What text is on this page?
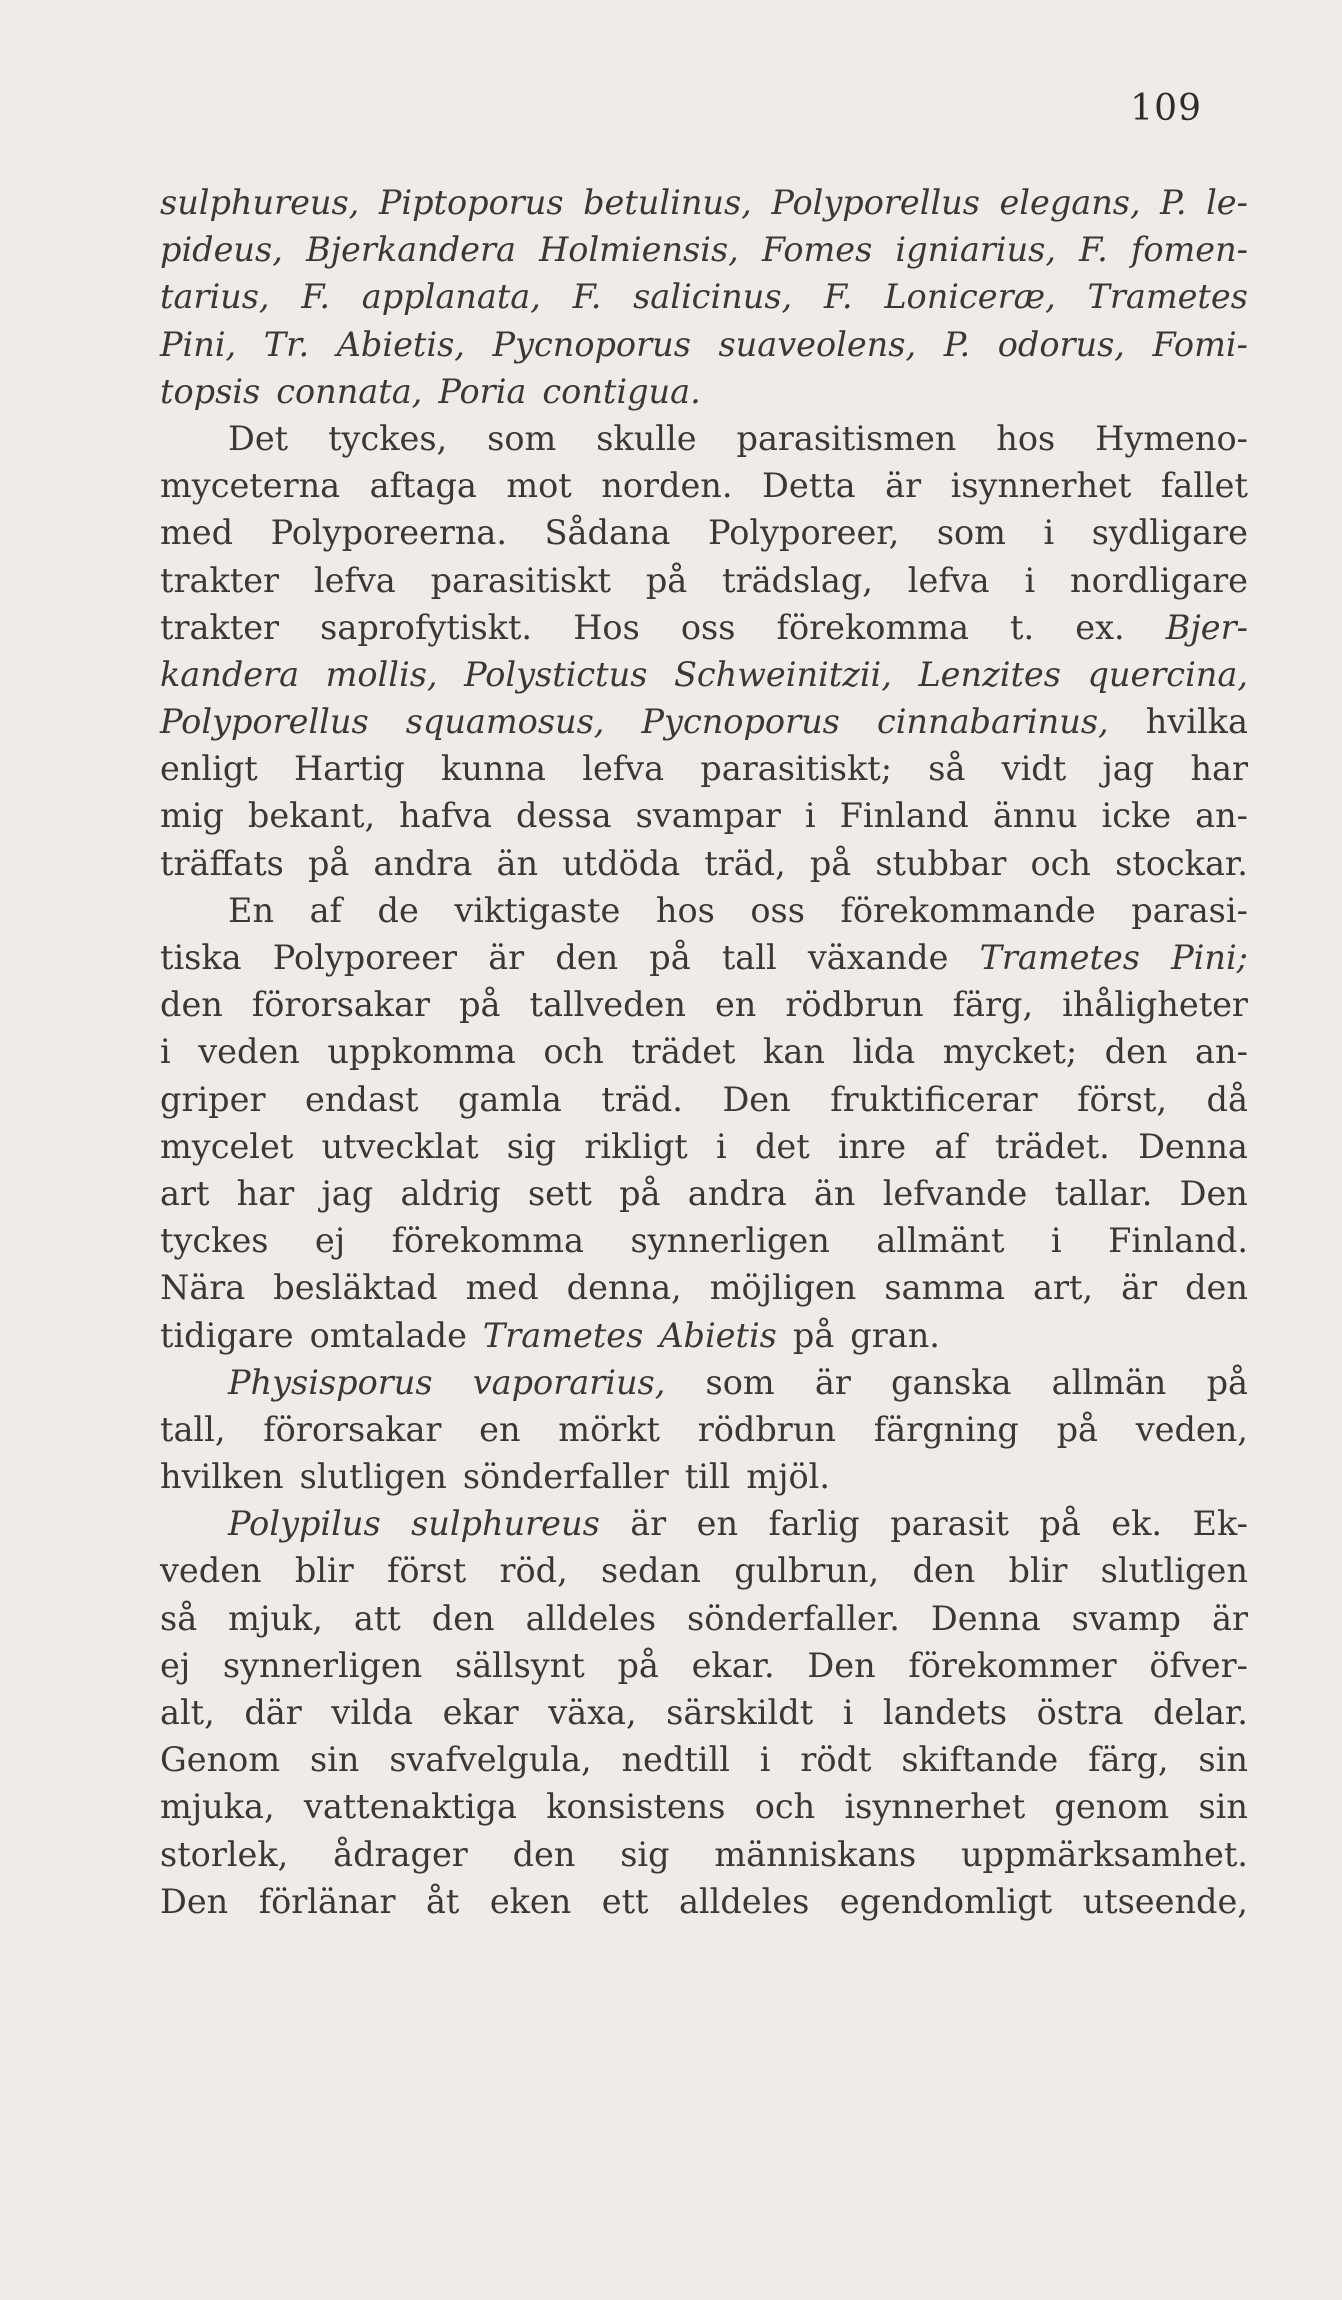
109
sulphureus, Piptoporus betulinus, Polyporellus elegans, P. le-
pideus, Bjerkandera Holmiensis, Fomes igniarius, F. fomen-
tarius, F. applanata, F. salicinus, F. Loniceræ, Trametes
Pini, Tr. Abietis, Pycnoporus suaveolens, P. odorus, Fomi-
topsis connata, Poria contigua.
Det tyckes, som skulle parasitismen hos Hymeno-
myceterna aftaga mot norden. Detta är isynnerhet fallet
med Polyporeerna. Sådana Polyporeer, som i sydligare
trakter lefva parasitiskt på trädslag, lefva i nordligare
trakter saprofytiskt. Hos oss förekomma t. ex. Bjer-
kandera mollis, Polystictus Schweinitzii, Lenzites quercina,
Polyporellus squamosus, Pycnoporus cinnabarinus, hvilka
enligt Hartig kunna lefva parasitiskt; så vidt jag har
mig bekant, hafva dessa svampar i Finland ännu icke an-
träffats på andra än utdöda träd, på stubbar och stockar.
En af de viktigaste hos oss förekommande parasi-
tiska Polyporeer är den på tall växande Trametes Pini;
den förorsakar på tallveden en rödbrun färg, ihåligheter
i veden uppkomma och trädet kan lida mycket; den an-
griper endast gamla träd. Den fruktificerar först, då
mycelet utvecklat sig rikligt i det inre af trädet. Denna
art har jag aldrig sett på andra än lefvande tallar. Den
tyckes ej förekomma synnerligen allmänt i Finland.
Nära besläktad med denna, möjligen samma art, är den
tidigare omtalade Trametes Abietis på gran.
Physisporus vaporarius, som är ganska allmän på
tall, förorsakar en mörkt rödbrun färgning på veden,
hvilken slutligen sönderfaller till mjöl.
Polypilus sulphureus är en farlig parasit på ek. Ek-
veden blir först röd, sedan gulbrun, den blir slutligen
så mjuk, att den alldeles sönderfaller. Denna svamp är
ej synnerligen sällsynt på ekar. Den förekommer öfver-
alt, där vilda ekar växa, särskildt i landets östra delar.
Genom sin svafvelgula, nedtill i rödt skiftande färg, sin
mjuka, vattenaktiga konsistens och isynnerhet genom sin
storlek, ådrager den sig människans uppmärksamhet.
Den förlänar åt eken ett alldeles egendomligt utseende,
